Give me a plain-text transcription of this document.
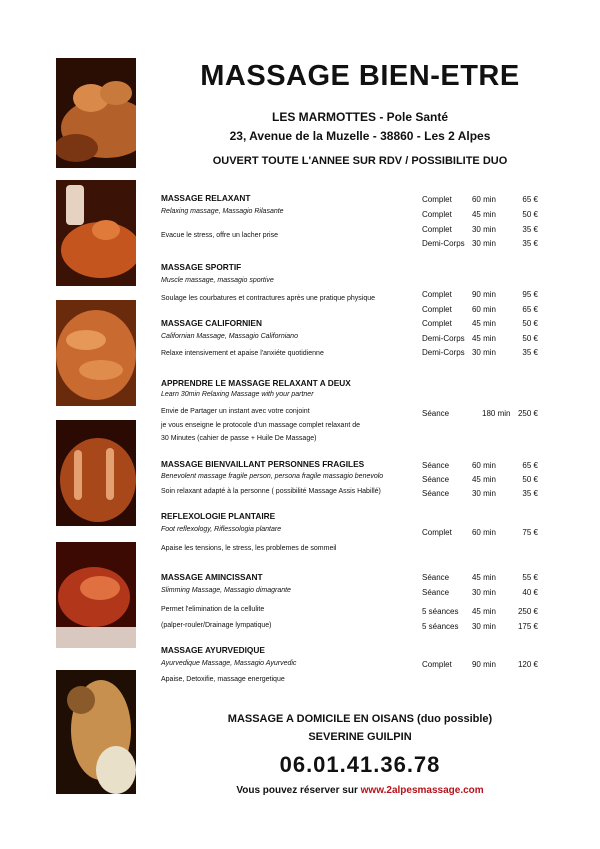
MASSAGE BIEN-ETRE
LES MARMOTTES - Pole Santé
23, Avenue de la Muzelle - 38860 - Les 2 Alpes
OUVERT TOUTE L'ANNEE SUR RDV / POSSIBILITE DUO
MASSAGE RELAXANT
Relaxing massage, Massagio Rilasante
Evacue le stress, offre un lacher prise
MASSAGE SPORTIF
Muscle massage, massagio sportive
Soulage les courbatures et contractures après une pratique physique
MASSAGE CALIFORNIEN
Californian Massage, Massagio Californiano
Relaxe intensivement et apaise l'anxiéte quotidienne
APPRENDRE LE MASSAGE RELAXANT A DEUX
Learn 30min Relaxing Massage with your partner
Envie de Partager un instant avec votre conjoint
je vous enseigne le protocole d'un massage complet relaxant de
30 Minutes (cahier de passe + Huile De Massage)
MASSAGE BIENVAILLANT PERSONNES FRAGILES
Benevolent massage fragile person, persona fragile massagio benevolo
Soin relaxant adapté à la personne ( possibilité Massage Assis Habillé)
REFLEXOLOGIE PLANTAIRE
Foot reflexology, Riflessologia plantare
Apaise les tensions, le stress, les problemes de sommeil
MASSAGE AMINCISSANT
Slimming Massage, Massagio dimagrante
Permet l'elimination de la cellulite
(palper-rouler/Drainage lympatique)
MASSAGE AYURVEDIQUE
Ayurvedique Massage, Massagio Ayurvedic
Apaise, Detoxifie, massage energetique
Complet	60 min	65 €
Complet	45 min	50 €
Complet	30 min	35 €
Demi-Corps 30 min	35 €
Complet	90 min	95 €
Complet	60 min	65 €
Complet	45 min	50 €
Demi-Corps 45 min	50 €
Demi-Corps 30 min	35 €
Séance	180 min 250 €
Séance	60 min	65 €
Séance	45 min	50 €
Séance	30 min	35 €
Complet	60 min	75 €
Séance	45 min	55 €
Séance	30 min	40 €
5 séances 45 min	250 €
5 séances 30 min	175 €
Complet	90 min	120 €
MASSAGE A DOMICILE EN OISANS (duo possible)
SEVERINE GUILPIN
06.01.41.36.78
Vous pouvez réserver sur www.2alpesmassage.com
